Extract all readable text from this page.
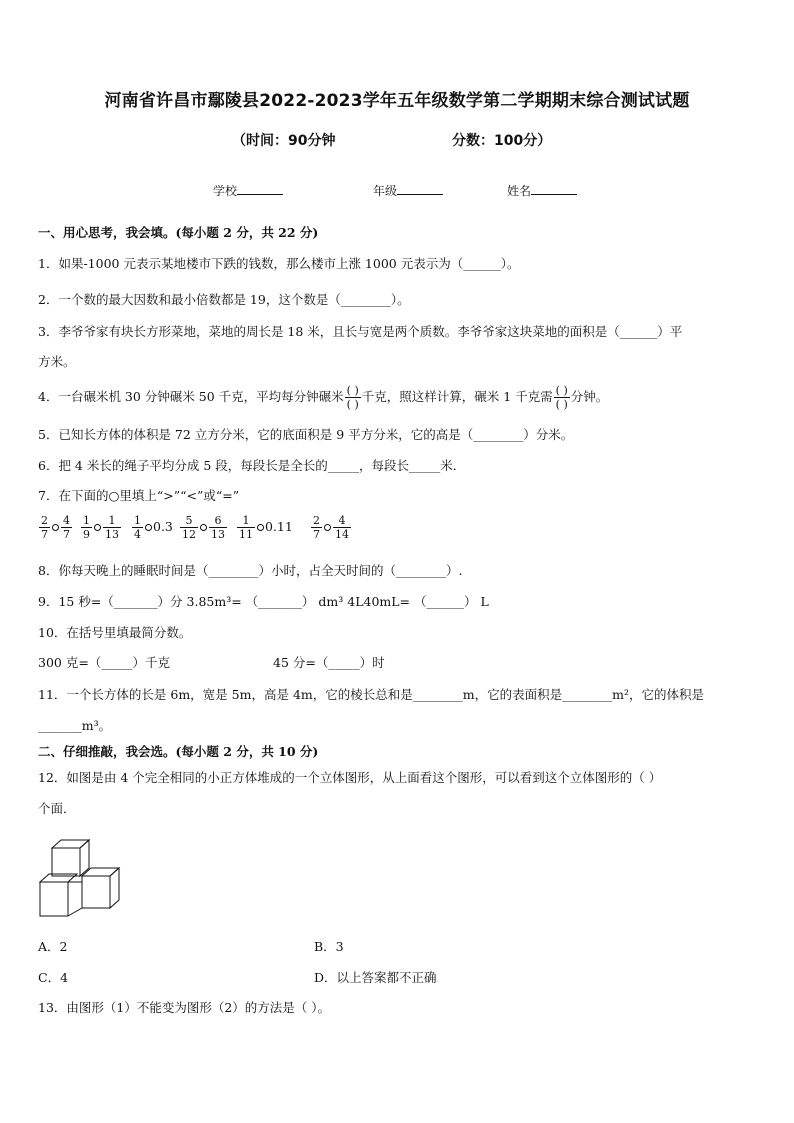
河南省许昌市鄢陵县2022-2023学年五年级数学第二学期期末综合测试试题
（时间：90分钟	分数：100分）
学校	年级	姓名
一、用心思考，我会填。(每小题 2 分，共 22 分)
1．如果-1000 元表示某地楼市下跌的钱数，那么楼市上涨 1000 元表示为（______）。
2．一个数的最大因数和最小倍数都是 19，这个数是（________）。
3．李爷爷家有块长方形菜地，菜地的周长是 18 米，且长与宽是两个质数。李爷爷家这块菜地的面积是（______）平
方米。
4．一台碾米机 30 分钟碾米 50 千克，平均每分钟碾米 $\frac{( )}{( )}$ 千克，照这样计算，碾米 1 千克需 $\frac{( )}{( )}$ 分钟。
5．已知长方体的体积是 72 立方分米，它的底面积是 9 平方分米，它的高是（________）分米。
6．把 4 米长的绳子平均分成 5 段，每段长是全长的_____，每段长_____米．
7．在下面的○里填上“>”“<”或“=”
$\frac{2}{7} \frac{4}{7} \frac{1}{9} \frac{1}{13} \frac{1}{4} 0.3 \frac{5}{12} \frac{6}{13} \frac{1}{11} 0.11 \frac{2}{7} \frac{4}{14}$
8．你每天晚上的睡眠时间是（________）小时，占全天时间的（________）.
9．15 秒=（_______）分 3.85m³= （_______） dm³ 4L40mL= （______） L
10．在括号里填最简分数。
300 克=（_____）千克	45 分=（_____）时
11．一个长方体的长是 6m，宽是 5m，高是 4m，它的棱长总和是________m，它的表面积是________m²，它的体积是
_______m³。
二、仔细推敲，我会选。(每小题 2 分，共 10 分)
12．如图是由 4 个完全相同的小正方体堆成的一个立体图形，从上面看这个图形，可以看到这个立体图形的（ ）
个面．
A．2	B．3
C．4	D．以上答案都不正确
13．由图形（1）不能变为图形（2）的方法是（ ）。
